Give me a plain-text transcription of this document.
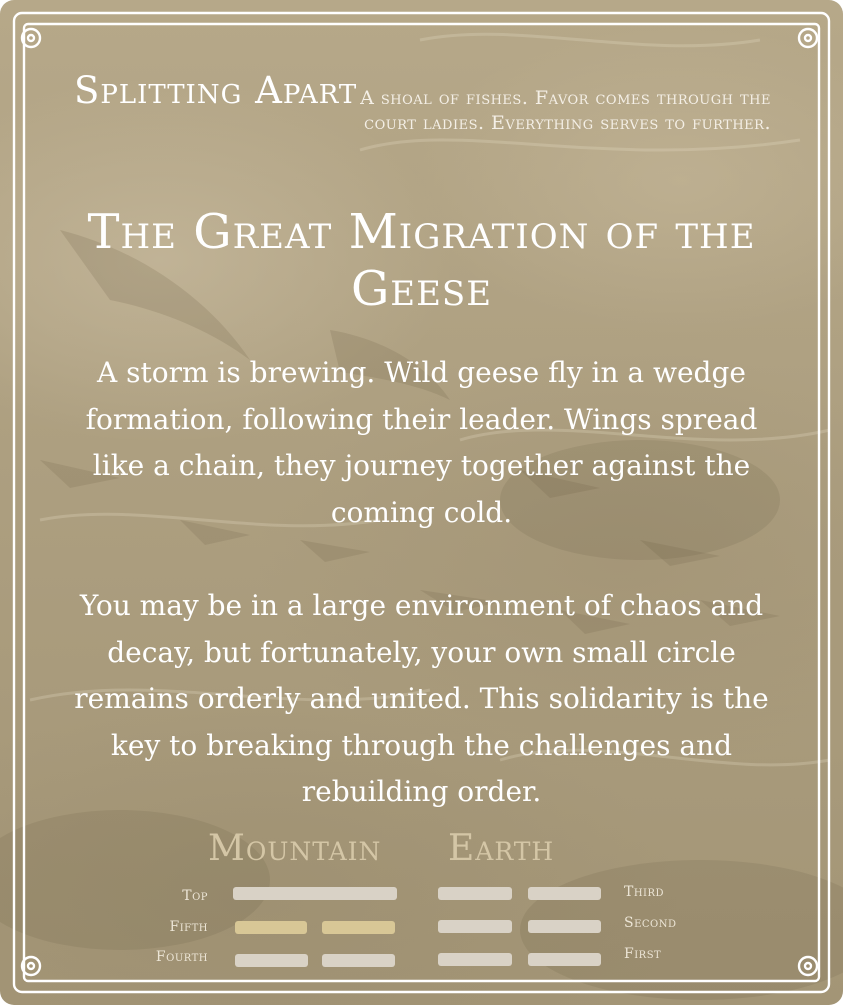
Splitting Apart A shoal of fishes. Favor comes through the court ladies. Everything serves to further.
The Great Migration of the Geese
A storm is brewing. Wild geese fly in a wedge formation, following their leader. Wings spread like a chain, they journey together against the coming cold.
You may be in a large environment of chaos and decay, but fortunately, your own small circle remains orderly and united. This solidarity is the key to breaking through the challenges and rebuilding order.
Mountain Earth
Top
Fifth
Fourth
Third
Second
First
